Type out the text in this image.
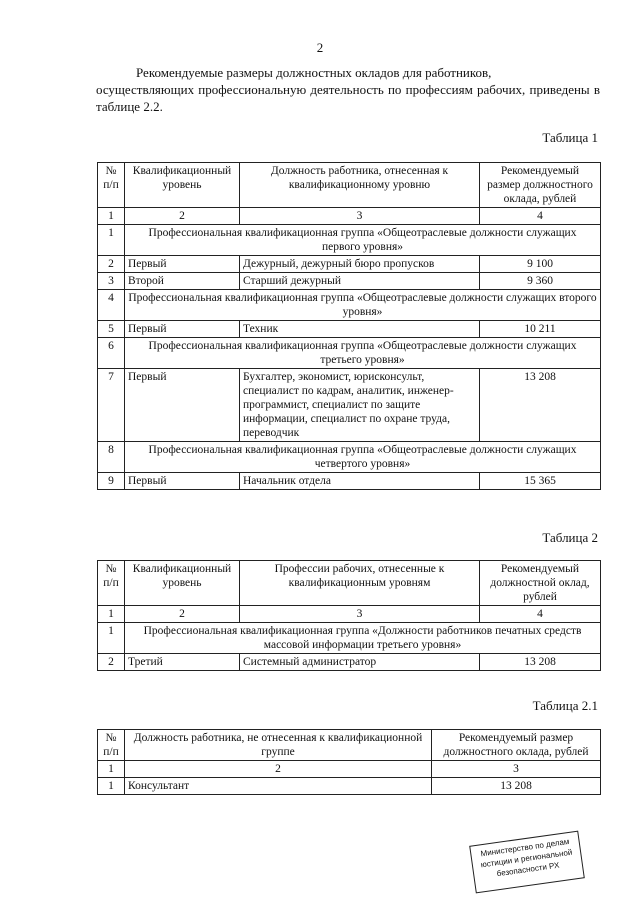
2
Рекомендуемые размеры должностных окладов для работников,
осуществляющих профессиональную деятельность по профессиям рабочих, приведены в таблице 2.2.
Таблица 1
№ п/п	Квалификационный уровень	Должность работника, отнесенная к квалификационному уровню	Рекомендуемый размер должностного оклада, рублей
1	2	3	4
1	Профессиональная квалификационная группа «Общеотраслевые должности служащих первого уровня»		
2	Первый	Дежурный, дежурный бюро пропусков	9 100
3	Второй	Старший дежурный	9 360
4	Профессиональная квалификационная группа «Общеотраслевые должности служащих второго уровня»		
5	Первый	Техник	10 211
6	Профессиональная квалификационная группа «Общеотраслевые должности служащих третьего уровня»		
7	Первый	Бухгалтер, экономист, юрисконсульт, специалист по кадрам, аналитик, инженер-программист, специалист по защите информации, специалист по охране труда, переводчик	13 208
8	Профессиональная квалификационная группа «Общеотраслевые должности служащих четвертого уровня»		
9	Первый	Начальник отдела	15 365
Таблица 2
№ п/п	Квалификационный уровень	Профессии рабочих, отнесенные к квалификационным уровням	Рекомендуемый должностной оклад, рублей
1	2	3	4
1	Профессиональная квалификационная группа «Должности работников печатных средств массовой информации третьего уровня»		
2	Третий	Системный администратор	13 208
Таблица 2.1
№ п/п	Должность работника, не отнесенная к квалификационной группе	Рекомендуемый размер должностного оклада, рублей
1	2	3
1	Консультант	13 208
Министерство по делам юстиции и региональной безопасности РХ
